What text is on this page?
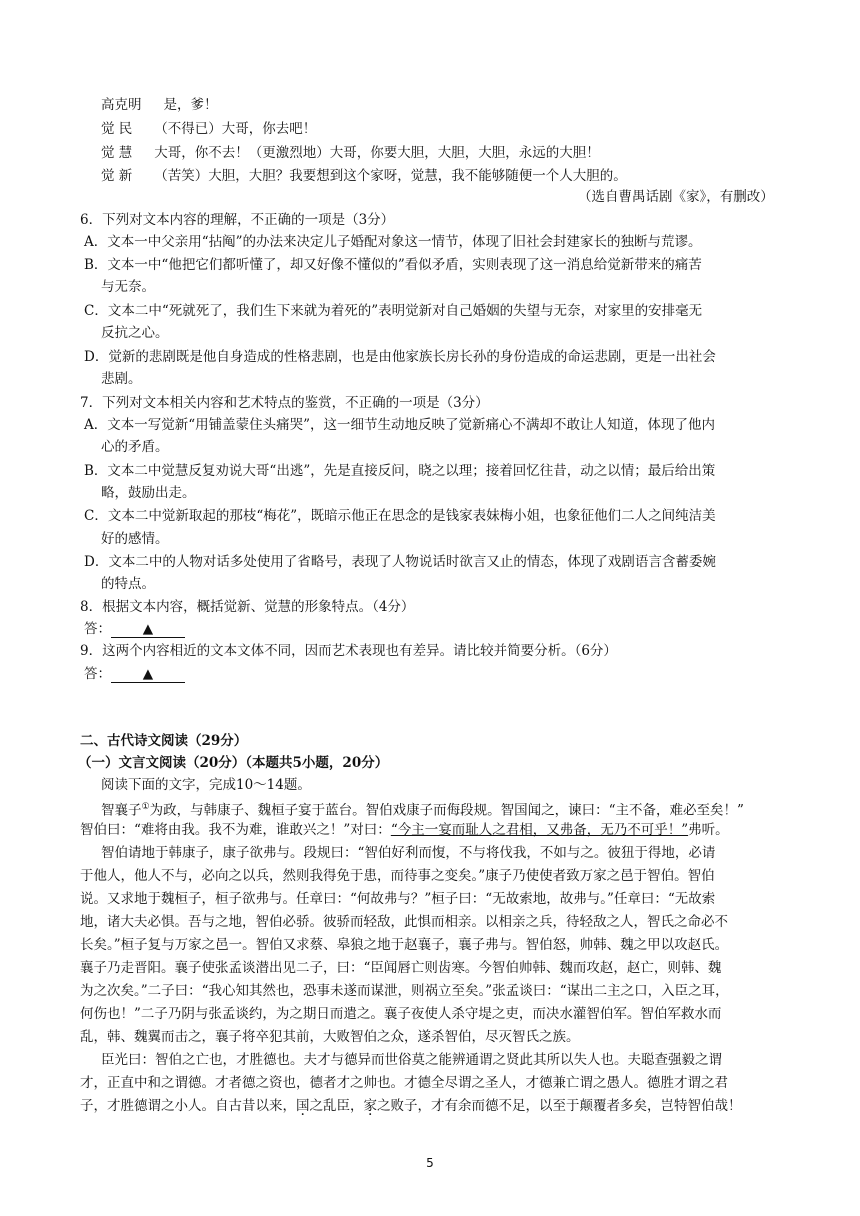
高克明 是，爹！
觉 民 （不得已）大哥，你去吧！
觉 慧 大哥，你不去！（更激烈地）大哥，你要大胆，大胆，大胆，永远的大胆！
觉 新 （苦笑）大胆，大胆？我要想到这个家呀，觉慧，我不能够随便一个人大胆的。
（选自曹禺话剧《家》，有删改）
6．下列对文本内容的理解，不正确的一项是（3分）
A．文本一中父亲用“拈阄”的办法来决定儿子婚配对象这一情节，体现了旧社会封建家长的独断与荒谬。
B．文本一中“他把它们都听懂了，却又好像不懂似的”看似矛盾，实则表现了这一消息给觉新带来的痛苦
与无奈。
C．文本二中“死就死了，我们生下来就为着死的”表明觉新对自己婚姻的失望与无奈，对家里的安排毫无
反抗之心。
D．觉新的悲剧既是他自身造成的性格悲剧，也是由他家族长房长孙的身份造成的命运悲剧，更是一出社会
悲剧。
7．下列对文本相关内容和艺术特点的鉴赏，不正确的一项是（3分）
A．文本一写觉新“用铺盖蒙住头痛哭”，这一细节生动地反映了觉新痛心不满却不敢让人知道，体现了他内
心的矛盾。
B．文本二中觉慧反复劝说大哥“出逃”，先是直接反问，晓之以理；接着回忆往昔，动之以情；最后给出策
略，鼓励出走。
C．文本二中觉新取起的那枝“梅花”，既暗示他正在思念的是钱家表妹梅小姐，也象征他们二人之间纯洁美
好的感情。
D．文本二中的人物对话多处使用了省略号，表现了人物说话时欲言又止的情态，体现了戏剧语言含蓄委婉
的特点。
8．根据文本内容，概括觉新、觉慧的形象特点。（4分）
答： ▲
9．这两个内容相近的文本文体不同，因而艺术表现也有差异。请比较并简要分析。（6分）
答： ▲
二、古代诗文阅读（29分）
（一）文言文阅读（20分）（本题共5小题，20分）
阅读下面的文字，完成10～14题。
智襄子①为政，与韩康子、魏桓子宴于蓝台。智伯戏康子而侮段规。智国闻之，谏曰：“主不备，难必至矣！”
智伯曰：“难将由我。我不为难，谁敢兴之！”对曰：“今主一宴而耻人之君相，又弗备，无乃不可乎！”弗听。
智伯请地于韩康子，康子欲弗与。段规曰：“智伯好利而愎，不与将伐我，不如与之。彼狃于得地，必请
于他人，他人不与，必向之以兵，然则我得免于患，而待事之变矣。”康子乃使使者致万家之邑于智伯。智伯
说。又求地于魏桓子，桓子欲弗与。任章曰：“何故弗与？”桓子曰：“无故索地，故弗与。”任章曰：“无故索
地，诸大夫必惧。吾与之地，智伯必骄。彼骄而轻敌，此惧而相亲。以相亲之兵，待轻敌之人，智氏之命必不
长矣。”桓子复与万家之邑一。智伯又求蔡、皋狼之地于赵襄子，襄子弗与。智伯怒，帅韩、魏之甲以攻赵氏。
襄子乃走晋阳。襄子使张孟谈潜出见二子，曰：“臣闻唇亡则齿寒。今智伯帅韩、魏而攻赵，赵亡，则韩、魏
为之次矣。”二子曰：“我心知其然也，恐事未遂而谋泄，则祸立至矣。”张孟谈曰：“谋出二主之口，入臣之耳，
何伤也！”二子乃阴与张孟谈约，为之期日而遣之。襄子夜使人杀守堤之吏，而决水灌智伯军。智伯军救水而
乱，韩、魏翼而击之，襄子将卒犯其前，大败智伯之众，遂杀智伯，尽灭智氏之族。
臣光曰：智伯之亡也，才胜德也。夫才与德异而世俗莫之能辨通谓之贤此其所以失人也。夫聪查强毅之谓
才，正直中和之谓德。才者德之资也，德者才之帅也。才德全尽谓之圣人，才德兼亡谓之愚人。德胜才谓之君
子，才胜德谓之小人。自古昔以来，国之乱臣，家之败子，才有余而德不足，以至于颠覆者多矣，岂特智伯哉！
5
